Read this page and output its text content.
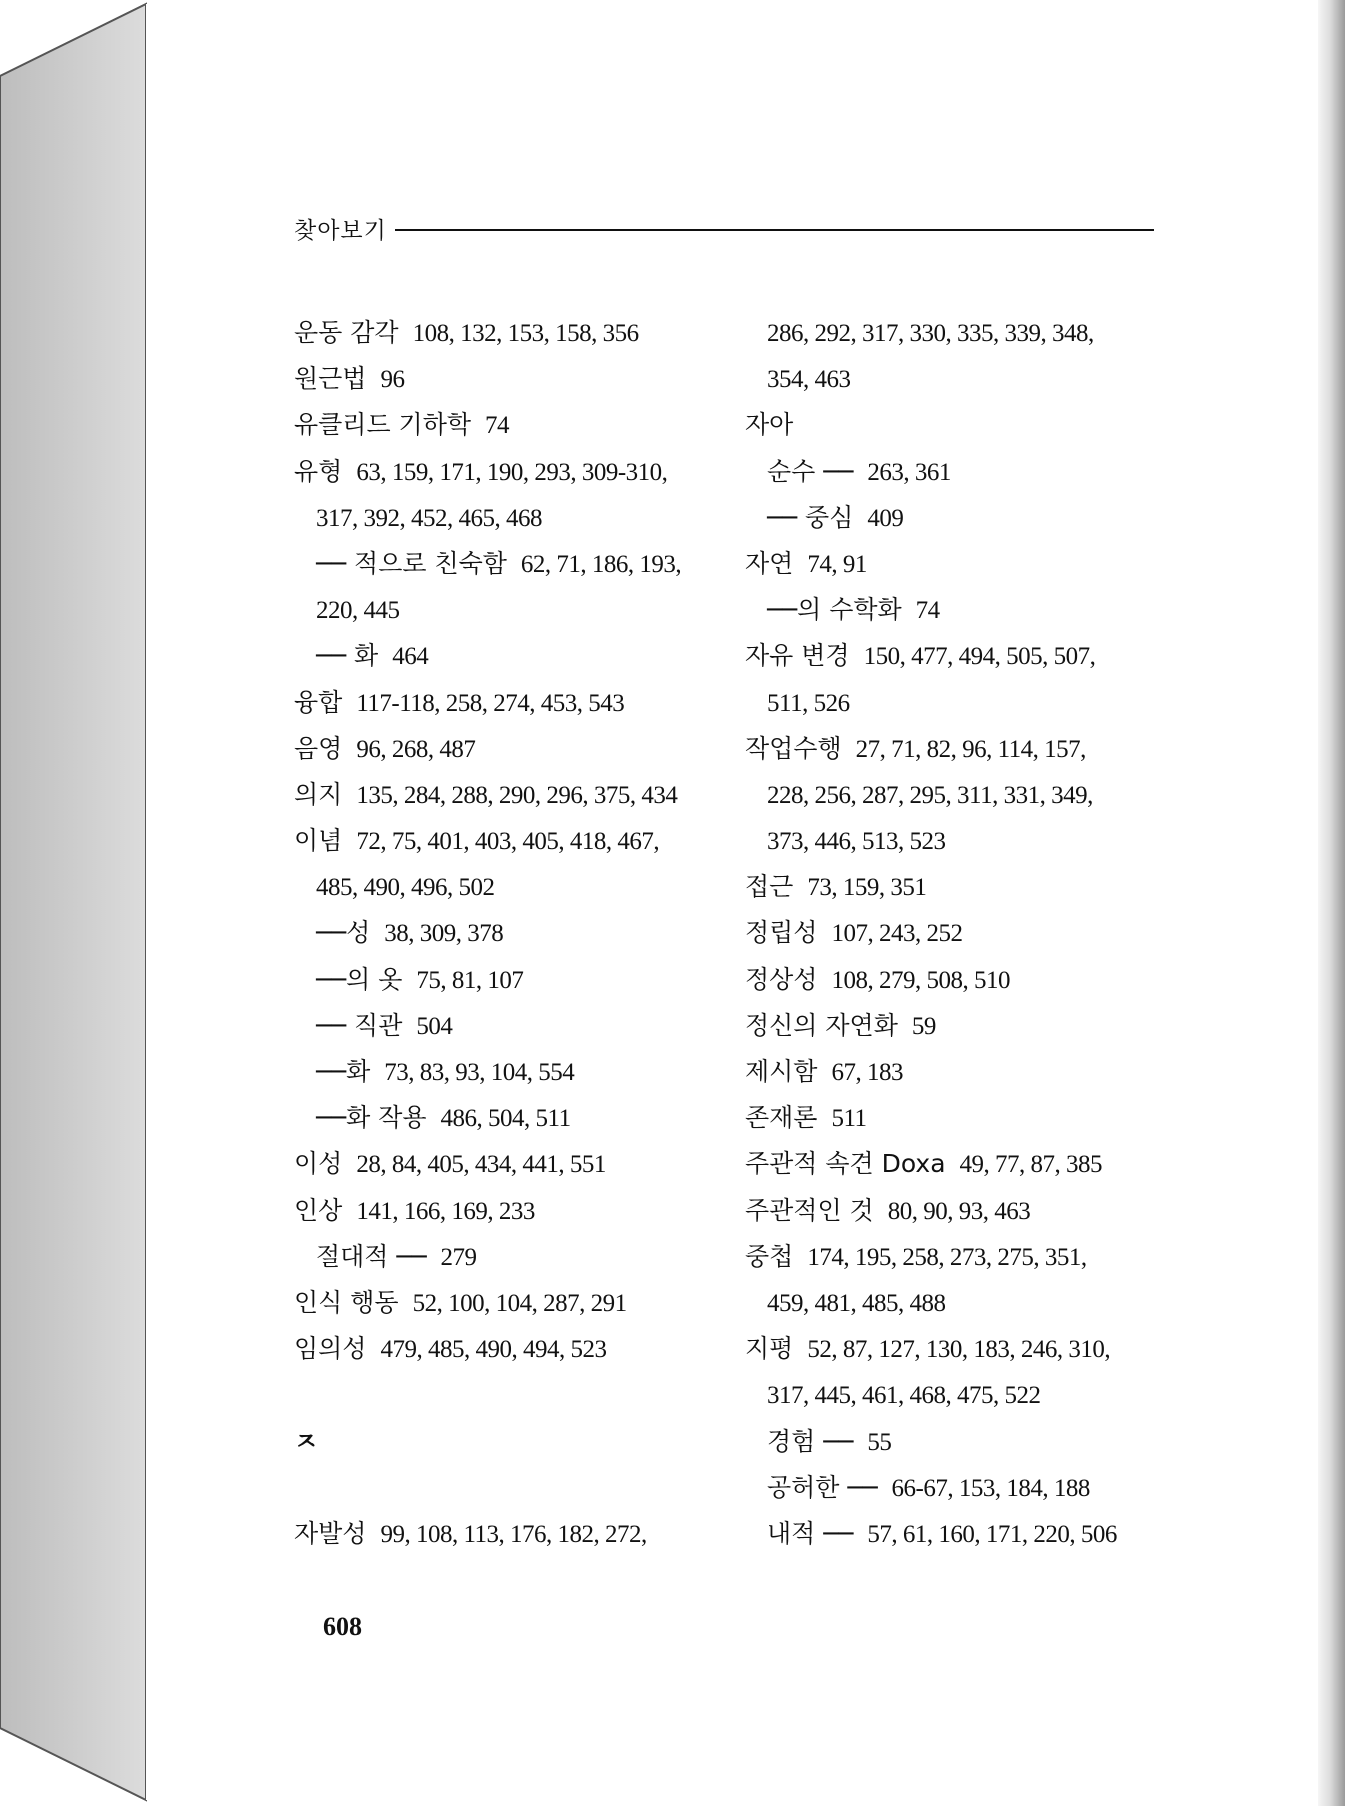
찾아보기
운동 감각 108, 132, 153, 158, 356
원근법 96
유클리드 기하학 74
유형 63, 159, 171, 190, 293, 309-310,
317, 392, 452, 465, 468
── 적으로 친숙함 62, 71, 186, 193,
220, 445
── 화 464
융합 117-118, 258, 274, 453, 543
음영 96, 268, 487
의지 135, 284, 288, 290, 296, 375, 434
이념 72, 75, 401, 403, 405, 418, 467,
485, 490, 496, 502
──성 38, 309, 378
──의 옷 75, 81, 107
── 직관 504
──화 73, 83, 93, 104, 554
──화 작용 486, 504, 511
이성 28, 84, 405, 434, 441, 551
인상 141, 166, 169, 233
절대적 ── 279
인식 행동 52, 100, 104, 287, 291
임의성 479, 485, 490, 494, 523
ㅈ
자발성 99, 108, 113, 176, 182, 272,
286, 292, 317, 330, 335, 339, 348,
354, 463
자아
순수 ── 263, 361
── 중심 409
자연 74, 91
──의 수학화 74
자유 변경 150, 477, 494, 505, 507,
511, 526
작업수행 27, 71, 82, 96, 114, 157,
228, 256, 287, 295, 311, 331, 349,
373, 446, 513, 523
접근 73, 159, 351
정립성 107, 243, 252
정상성 108, 279, 508, 510
정신의 자연화 59
제시함 67, 183
존재론 511
주관적 속견 Doxa 49, 77, 87, 385
주관적인 것 80, 90, 93, 463
중첩 174, 195, 258, 273, 275, 351,
459, 481, 485, 488
지평 52, 87, 127, 130, 183, 246, 310,
317, 445, 461, 468, 475, 522
경험 ── 55
공허한 ── 66-67, 153, 184, 188
내적 ── 57, 61, 160, 171, 220, 506
608
